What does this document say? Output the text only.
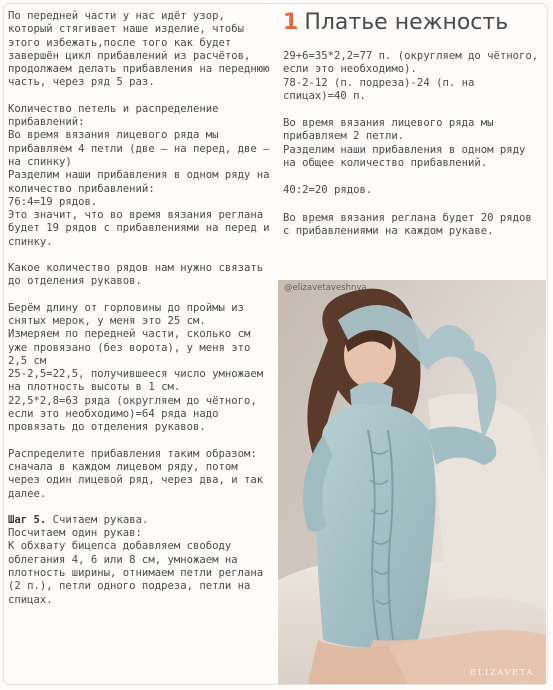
По передней части у нас идёт узор, который стягивает наше изделие, чтобы этого избежать,после того как будет завершён цикл прибавлений из расчётов, продолжаем делать прибавления на переднюю часть, через ряд 5 раз.

Количество петель и распределение прибавлений:
Во время вязания лицевого ряда мы прибавляем 4 петли (две – на перед, две – на спинку)
Разделим наши прибавления в одном ряду на количество прибавлений:
76:4=19 рядов.
Это значит, что во время вязания реглана будет 19 рядов с прибавлениями на перед и спинку.

Какое количество рядов нам нужно связать до отделения рукавов.

Берём длину от горловины до проймы из снятых мерок, у меня это 25 см.
Измеряем по передней части, сколько см уже провязано (без ворота), у меня это 2,5 см
25-2,5=22,5, получившееся число умножаем на плотность высоты в 1 см.
22,5*2,8=63 ряда (округляем до чётного, если это необходимо)=64 ряда надо провязать до отделения рукавов.

Распределите прибавления таким образом: сначала в каждом лицевом ряду, потом через один лицевой ряд, через два, и так далее.

Шаг 5. Считаем рукава.
Посчитаем один рукав:
К обхвату бицепса добавляем свободу облегания 4, 6 или 8 см, умножаем на плотность ширины, отнимаем петли реглана (2 п.), петли одного подреза, петли на спицах.

1 Платье нежность

29+6=35*2,2=77 п. (округляем до чётного, если это необходимо).
78-2-12 (п. подреза)-24 (п. на спицах)=40 п.

Во время вязания лицевого ряда мы прибавляем 2 петли.
Разделим наши прибавления в одном ряду на общее количество прибавлений.

40:2=20 рядов.

Во время вязания реглана будет 20 рядов с прибавлениями на каждом рукаве.

@elizavetaveshnya
ELIZAVETA
